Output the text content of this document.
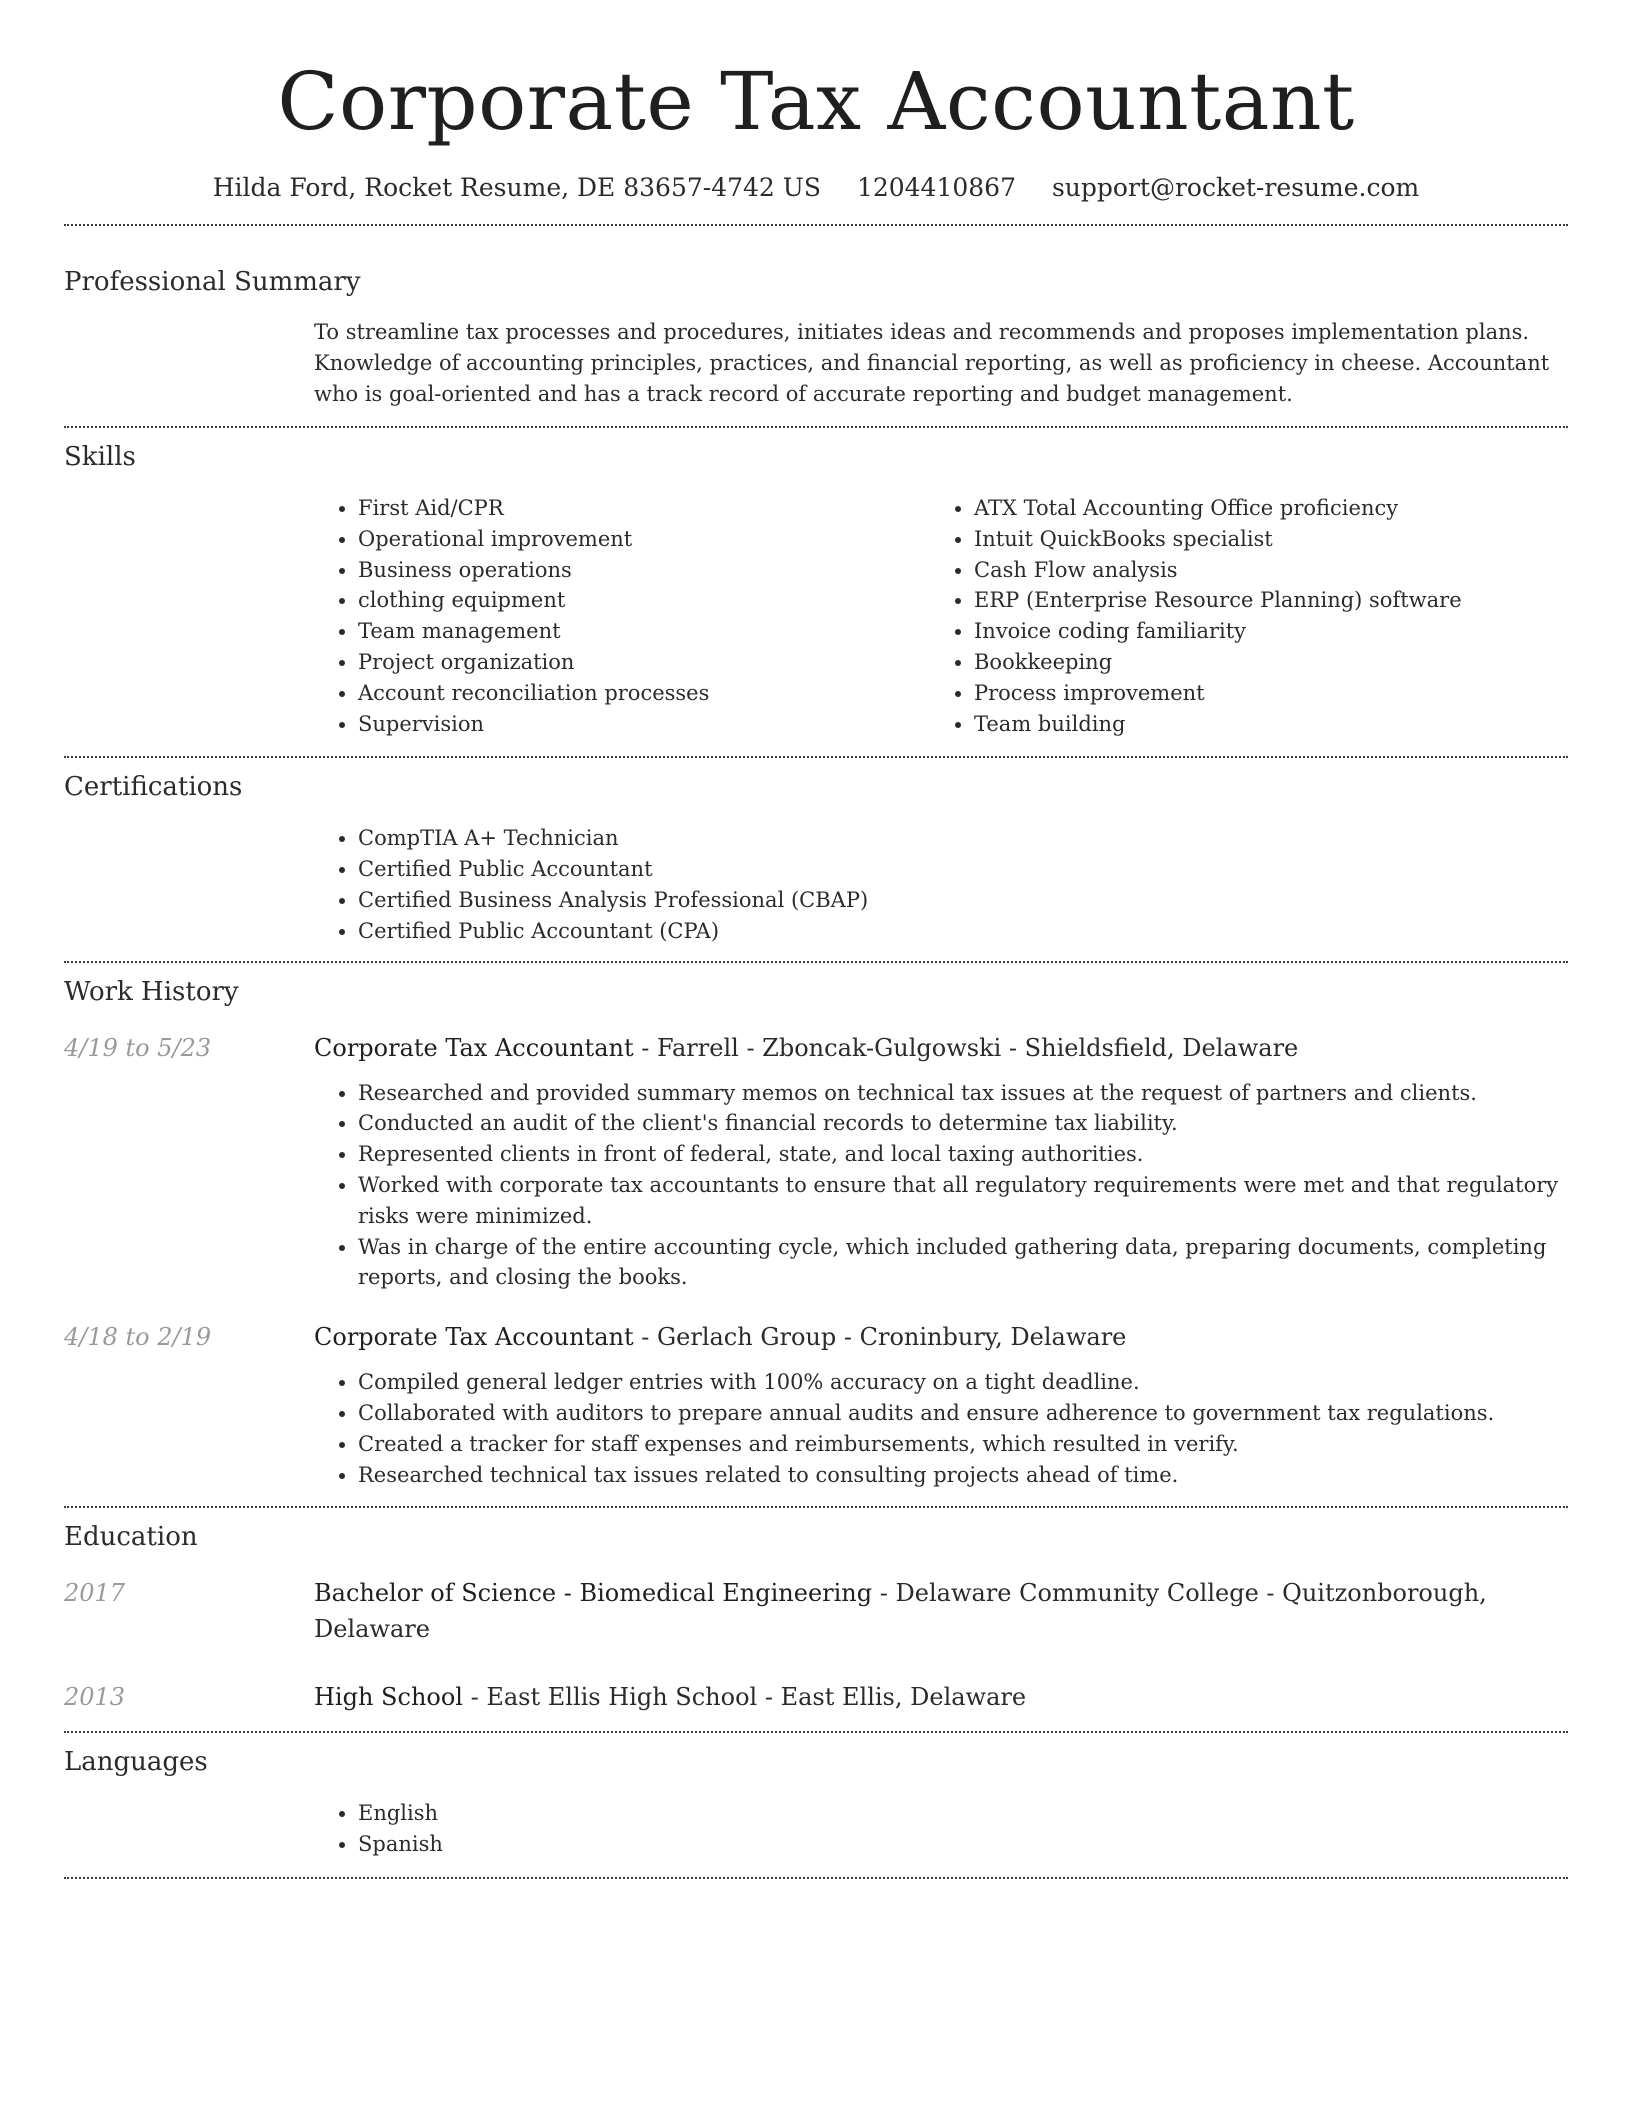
Corporate Tax Accountant
Hilda Ford, Rocket Resume, DE 83657-4742 US 1204410867 support@rocket-resume.com
Professional Summary

To streamline tax processes and procedures, initiates ideas and recommends and proposes implementation plans. Knowledge of accounting principles, practices, and financial reporting, as well as proficiency in cheese. Accountant who is goal-oriented and has a track record of accurate reporting and budget management.

Skills
• First Aid/CPR
• Operational improvement
• Business operations
• clothing equipment
• Team management
• Project organization
• Account reconciliation processes
• Supervision
• ATX Total Accounting Office proficiency
• Intuit QuickBooks specialist
• Cash Flow analysis
• ERP (Enterprise Resource Planning) software
• Invoice coding familiarity
• Bookkeeping
• Process improvement
• Team building
Certifications
• CompTIA A+ Technician
• Certified Public Accountant
• Certified Business Analysis Professional (CBAP)
• Certified Public Accountant (CPA)
Work History
4/19 to 5/23	Corporate Tax Accountant - Farrell - Zboncak-Gulgowski - Shieldsfield, Delaware

• Researched and provided summary memos on technical tax issues at the request of partners and clients.
• Conducted an audit of the client's financial records to determine tax liability.
• Represented clients in front of federal, state, and local taxing authorities.
• Worked with corporate tax accountants to ensure that all regulatory requirements were met and that regulatory risks were minimized.
• Was in charge of the entire accounting cycle, which included gathering data, preparing documents, completing reports, and closing the books.
4/18 to 2/19	Corporate Tax Accountant - Gerlach Group - Croninbury, Delaware

• Compiled general ledger entries with 100% accuracy on a tight deadline.
• Collaborated with auditors to prepare annual audits and ensure adherence to government tax regulations.
• Created a tracker for staff expenses and reimbursements, which resulted in verify.
• Researched technical tax issues related to consulting projects ahead of time.
Education
2017	Bachelor of Science - Biomedical Engineering - Delaware Community College - Quitzonborough, Delaware

2013	High School - East Ellis High School - East Ellis, Delaware

Languages
• English
• Spanish
